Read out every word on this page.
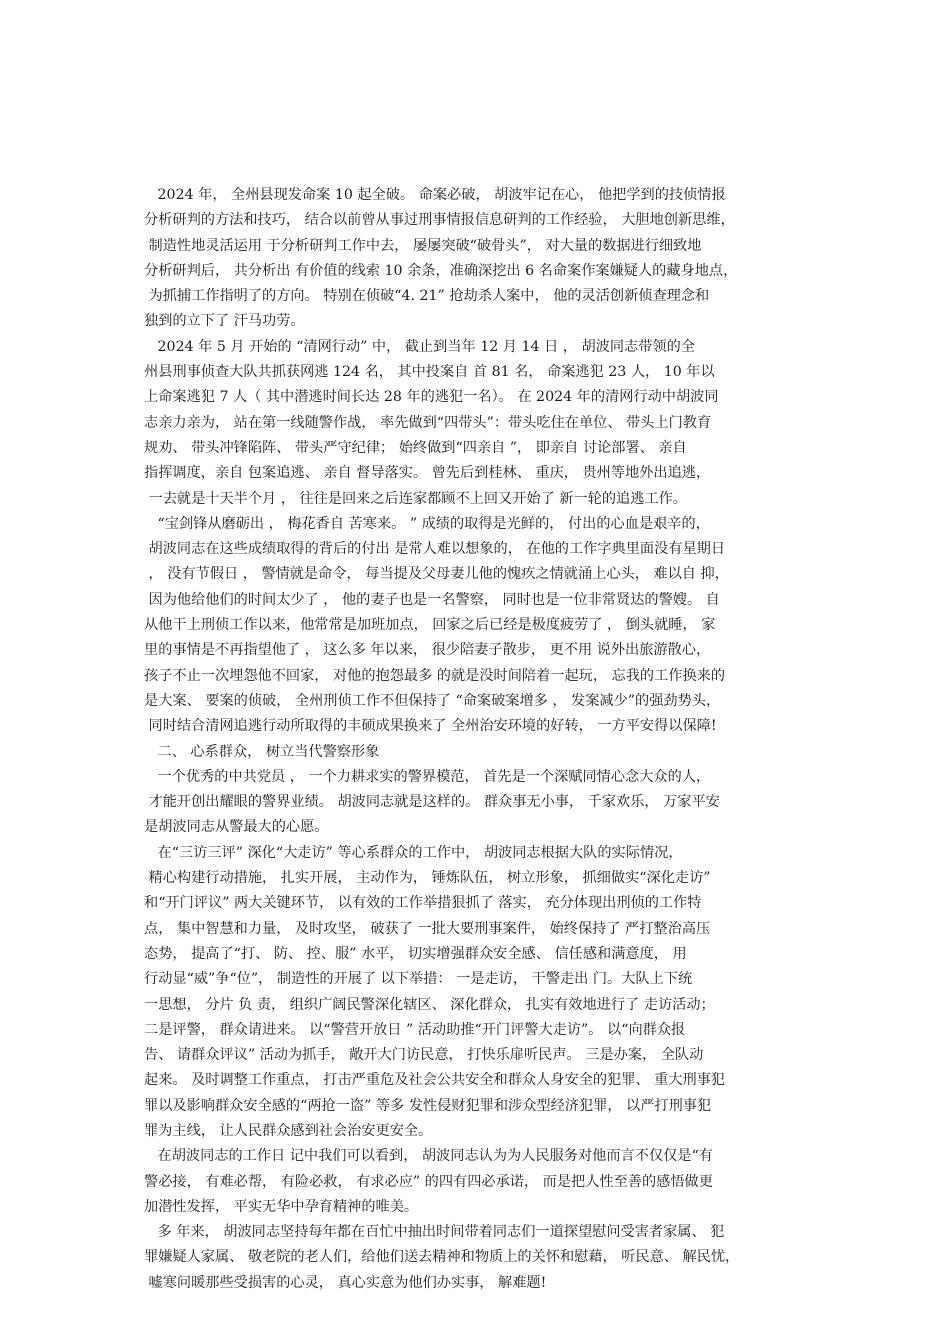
2024 年， 全州县现发命案 10 起全破。 命案必破， 胡波牢记在心， 他把学到的技侦情报
分析研判的方法和技巧， 结合以前曾从事过刑事情报信息研判的工作经验， 大胆地创新思维，
制造性地灵活运用 于分析研判工作中去， 屡屡突破“破骨头”， 对大量的数据进行细致地
分析研判后， 共分析出 有价值的线索 10 余条，准确深挖出 6 名命案作案嫌疑人的藏身地点，
为抓捕工作指明了的方向。 特别在侦破“4. 21” 抢劫杀人案中， 他的灵活创新侦查理念和
独到的立下了 汗马功劳。
2024 年 5 月 开始的 “清网行动” 中， 截止到当年 12 月 14 日 ， 胡波同志带领的全
州县刑事侦查大队共抓获网逃 124 名， 其中投案自 首 81 名， 命案逃犯 23 人， 10 年以
上命案逃犯 7 人（ 其中潜逃时间长达 28 年的逃犯一名）。 在 2024 年的清网行动中胡波同
志亲力亲为， 站在第一线随警作战， 率先做到“四带头”：带头吃住在单位、 带头上门教育
规劝、 带头冲锋陷阵、 带头严守纪律； 始终做到“四亲自 ”， 即亲自 讨论部署、 亲自
指挥调度，亲自 包案追逃、 亲自 督导落实。 曾先后到桂林、 重庆， 贵州等地外出追逃，
一去就是十天半个月 ， 往往是回来之后连家都顾不上回又开始了 新一轮的追逃工作。
“宝剑锋从磨砺出 ， 梅花香自 苦寒来。 ” 成绩的取得是光鲜的， 付出的心血是艰辛的，
胡波同志在这些成绩取得的背后的付出 是常人难以想象的， 在他的工作字典里面没有星期日
， 没有节假日 ， 警情就是命令， 每当提及父母妻儿他的愧疚之情就涌上心头， 难以自 抑，
因为他给他们的时间太少了 ， 他的妻子也是一名警察， 同时也是一位非常贤达的警嫂。 自
从他干上刑侦工作以来，他常常是加班加点， 回家之后已经是极度疲劳了 ， 倒头就睡， 家
里的事情是不再指望他了 ， 这么多 年以来， 很少陪妻子散步， 更不用 说外出旅游散心，
孩子不止一次埋怨他不回家， 对他的抱怨最多 的就是没时间陪着一起玩， 忘我的工作换来的
是大案、 要案的侦破， 全州刑侦工作不但保持了 “命案破案增多 ， 发案减少”的强劲势头，
同时结合清网追逃行动所取得的丰硕成果换来了 全州治安环境的好转， 一方平安得以保障!
二、 心系群众， 树立当代警察形象
一个优秀的中共党员 ， 一个力耕求实的警界模范， 首先是一个深赋同情心念大众的人，
才能开创出耀眼的警界业绩。 胡波同志就是这样的。 群众事无小事， 千家欢乐， 万家平安
是胡波同志从警最大的心愿。
在“三访三评” 深化“大走访” 等心系群众的工作中， 胡波同志根据大队的实际情况，
精心构建行动措施， 扎实开展， 主动作为， 锤炼队伍， 树立形象， 抓细做实“深化走访”
和“开门评议” 两大关键环节， 以有效的工作举措狠抓了 落实， 充分体现出刑侦的工作特
点， 集中智慧和力量， 及时攻坚， 破获了 一批大要刑事案件， 始终保持了 严打整治高压
态势， 提高了“打、 防、 控、服” 水平， 切实增强群众安全感、 信任感和满意度， 用
行动显“威”争“位”， 制造性的开展了 以下举措： 一是走访， 干警走出 门。大队上下统
一思想， 分片 负 责， 组织广阔民警深化辖区、 深化群众， 扎实有效地进行了 走访活动；
二是评警， 群众请进来。 以“警营开放日 ” 活动助推“开门评警大走访”。 以“向群众报
告、 请群众评议” 活动为抓手， 敞开大门访民意， 打快乐扉听民声。 三是办案， 全队动
起来。 及时调整工作重点， 打击严重危及社会公共安全和群众人身安全的犯罪、 重大刑事犯
罪以及影响群众安全感的“两抢一盗” 等多 发性侵财犯罪和涉众型经济犯罪， 以严打刑事犯
罪为主线， 让人民群众感到社会治安更安全。
在胡波同志的工作日 记中我们可以看到， 胡波同志认为为人民服务对他而言不仅仅是“有
警必接， 有难必帮， 有险必救， 有求必应” 的四有四必承诺， 而是把人性至善的感悟做更
加潜性发挥， 平实无华中孕育精神的唯美。
多 年来， 胡波同志坚持每年都在百忙中抽出时间带着同志们一道探望慰问受害者家属、 犯
罪嫌疑人家属、 敬老院的老人们，给他们送去精神和物质上的关怀和慰藉， 听民意、 解民忧，
嘘寒问暖那些受损害的心灵， 真心实意为他们办实事， 解难题!
